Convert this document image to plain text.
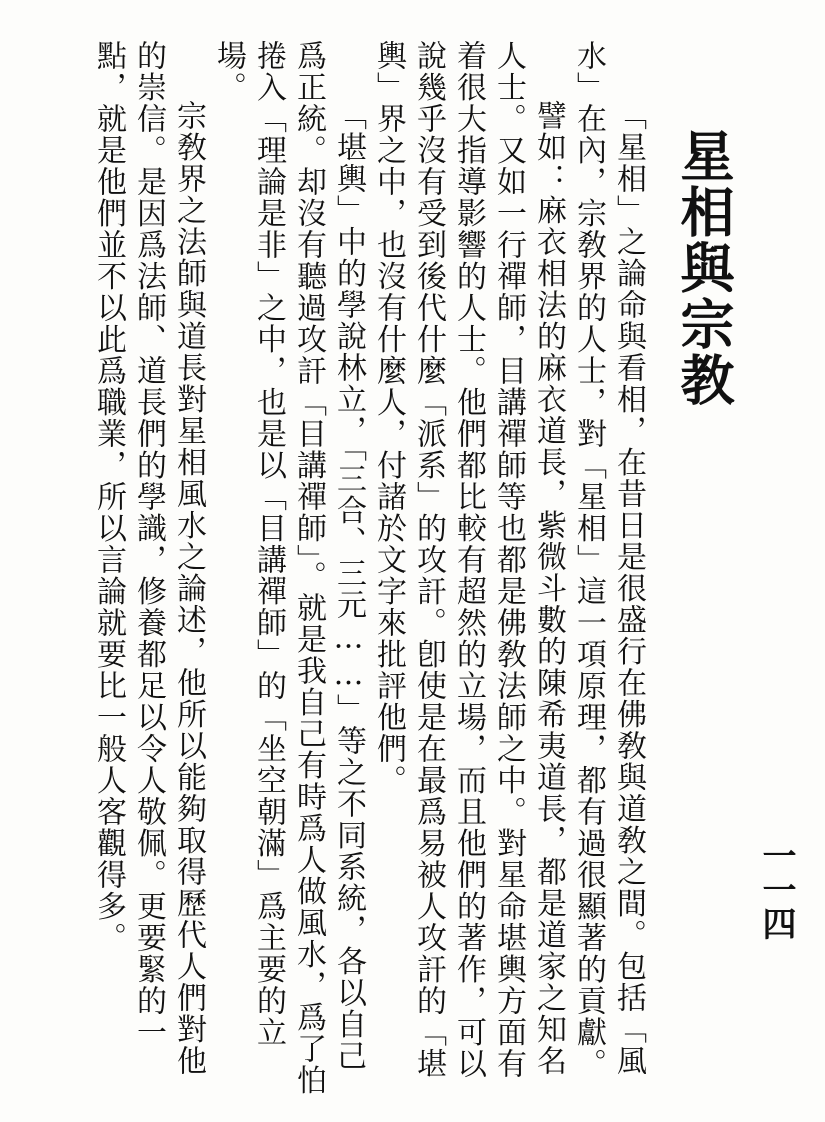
星相與宗教
一一四

「星相」之論命與看相，在昔日是很盛行在佛敎與道敎之間。包括「風水」在內，宗敎界的人士，對「星相」這一項原理，都有過很顯著的貢獻。

譬如：麻衣相法的麻衣道長，紫微斗數的陳希夷道長，都是道家之知名人士。又如一行禪師，目講禪師等也都是佛敎法師之中。對星命堪輿方面有着很大指導影響的人士。他們都比較有超然的立場，而且他們的著作，可以說幾乎沒有受到後代什麼「派系」的攻訐。卽使是在最爲易被人攻訐的「堪輿」界之中，也沒有什麼人，付諸於文字來批評他們。

「堪輿」中的學說林立，「三合、三元……」等之不同系統，各以自己爲正統。却沒有聽過攻訐「目講禪師」。就是我自己有時爲人做風水，爲了怕捲入「理論是非」之中，也是以「目講禪師」的「坐空朝滿」爲主要的立場。

宗敎界之法師與道長對星相風水之論述，他所以能夠取得歷代人們對他的崇信。是因爲法師、道長們的學識，修養都足以令人敬佩。更要緊的一點，就是他們並不以此爲職業，所以言論就要比一般人客觀得多。
